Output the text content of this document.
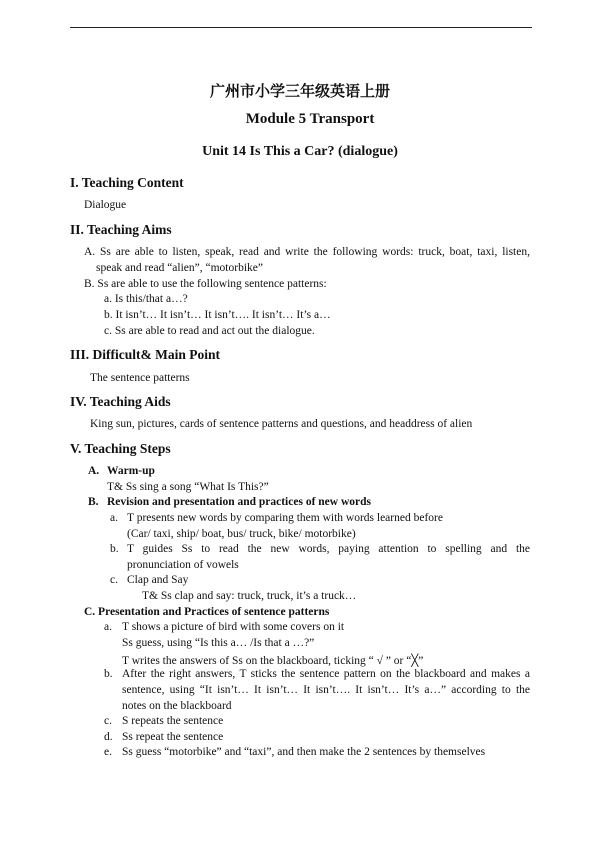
广州市小学三年级英语上册
Module 5 Transport
Unit 14 Is This a Car? (dialogue)
I. Teaching Content
Dialogue
II. Teaching Aims
A. Ss are able to listen, speak, read and write the following words: truck, boat, taxi, listen,
speak and read “alien”, “motorbike”
B. Ss are able to use the following sentence patterns:
a. Is this/that a…?
b. It isn’t… It isn’t… It isn’t…. It isn’t… It’s a…
c. Ss are able to read and act out the dialogue.
III. Difficult& Main Point
The sentence patterns
IV. Teaching Aids
King sun, pictures, cards of sentence patterns and questions, and headdress of alien
V. Teaching Steps
A. Warm-up
T& Ss sing a song “What Is This?”
B. Revision and presentation and practices of new words
a. T presents new words by comparing them with words learned before
(Car/ taxi, ship/ boat, bus/ truck, bike/ motorbike)
b. T guides Ss to read the new words, paying attention to spelling and the
pronunciation of vowels
c. Clap and Say
T& Ss clap and say: truck, truck, it’s a truck…
C. Presentation and Practices of sentence patterns
a. T shows a picture of bird with some covers on it
Ss guess, using “Is this a… /Is that a …?”
T writes the answers of Ss on the blackboard, ticking “ √ ” or “╳”
b. After the right answers, T sticks the sentence pattern on the blackboard and makes a
sentence, using “It isn’t… It isn’t… It isn’t…. It isn’t… It’s a…” according to the
notes on the blackboard
c. S repeats the sentence
d. Ss repeat the sentence
e. Ss guess “motorbike” and “taxi”, and then make the 2 sentences by themselves
